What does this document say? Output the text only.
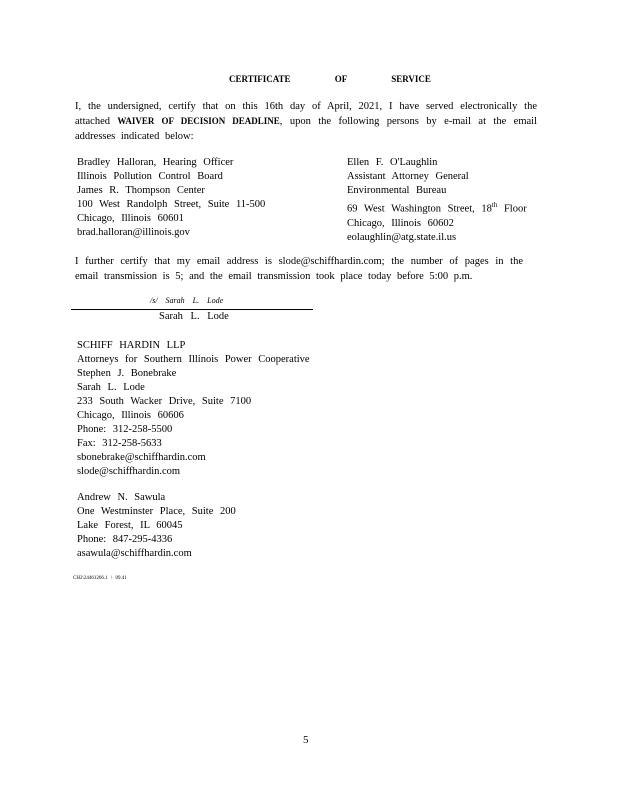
CERTIFICATE OF SERVICE
I, the undersigned, certify that on this 16th day of April, 2021, I have served electronically the attached WAIVER OF DECISION DEADLINE, upon the following persons by e-mail at the email addresses indicated below:
Bradley Halloran, Hearing Officer
Illinois Pollution Control Board
James R. Thompson Center
100 West Randolph Street, Suite 11-500
Chicago, Illinois 60601
brad.halloran@illinois.gov
Ellen F. O'Laughlin
Assistant Attorney General
Environmental Bureau
69 West Washington Street, 18th Floor
Chicago, Illinois 60602
eolaughlin@atg.state.il.us
I further certify that my email address is slode@schiffhardin.com; the number of pages in the email transmission is 5; and the email transmission took place today before 5:00 p.m.
/s/ Sarah L. Lode
Sarah L. Lode
SCHIFF HARDIN LLP
Attorneys for Southern Illinois Power Cooperative
Stephen J. Bonebrake
Sarah L. Lode
233 South Wacker Drive, Suite 7100
Chicago, Illinois 60606
Phone: 312-258-5500
Fax: 312-258-5633
sbonebrake@schiffhardin.com
slode@schiffhardin.com
Andrew N. Sawula
One Westminster Place, Suite 200
Lake Forest, IL 60045
Phone: 847-295-4336
asawula@schiffhardin.com
CH2\24461266.1 \ 09.41
5
